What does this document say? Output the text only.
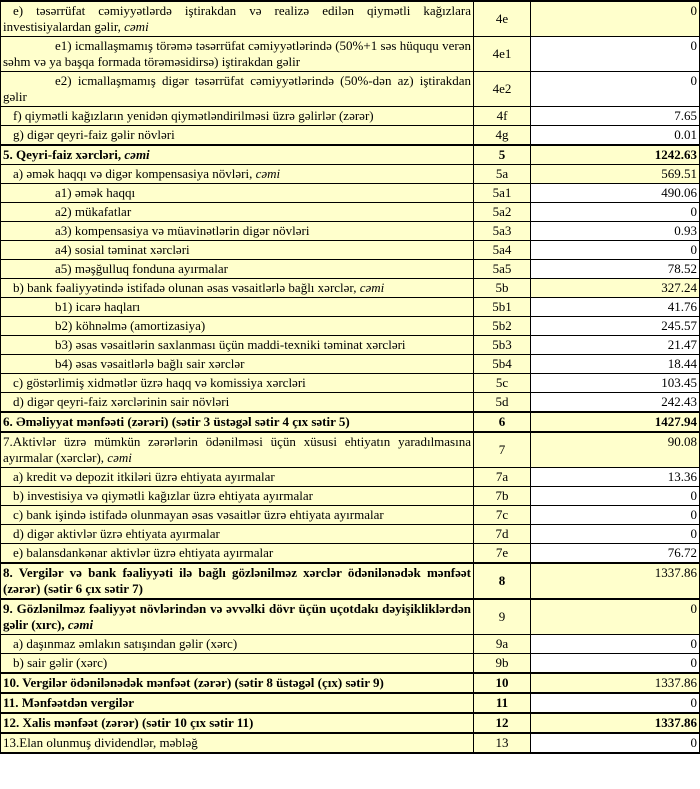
e) təsərrüfat cəmiyyətlərdə iştirakdan və realizə edilən qiymətli kağızlara investisiyalardan gəlir, cəmi	4e	0
e1) icmallaşmamış törəmə təsərrüfat cəmiyyətlərində (50%+1 səs hüququ verən səhm və ya başqa formada törəməsidirsə) iştirakdan gəlir	4e1	0
e2) icmallaşmamış digər təsərrüfat cəmiyyətlərində (50%-dən az) iştirakdan gəlir	4e2	0
f) qiymətli kağızların yenidən qiymətləndirilməsi üzrə gəlirlər (zərər)	4f	7.65
g) digər qeyri-faiz gəlir növləri	4g	0.01
5. Qeyri-faiz xərcləri, cəmi	5	1242.63
a) əmək haqqı və digər kompensasiya növləri, cəmi	5a	569.51
a1) əmək haqqı	5a1	490.06
a2) mükafatlar	5a2	0
a3) kompensasiya və müavinətlərin digər növləri	5a3	0.93
a4) sosial təminat xərcləri	5a4	0
a5) məşğulluq fonduna ayırmalar	5a5	78.52
b) bank fəaliyyətində istifadə olunan əsas vəsaitlərlə bağlı xərclər, cəmi	5b	327.24
b1) icarə haqları	5b1	41.76
b2) köhnəlmə (amortizasiya)	5b2	245.57
b3) əsas vəsaitlərin saxlanması üçün maddi-texniki təminat xərcləri	5b3	21.47
b4) əsas vəsaitlərlə bağlı sair xərclər	5b4	18.44
c) göstərlimiş xidmətlər üzrə haqq və komissiya xərcləri	5c	103.45
d) digər qeyri-faiz xərclərinin sair növləri	5d	242.43
6. Əməliyyat mənfəəti (zərəri) (sətir 3 üstəgəl sətir 4 çıx sətir 5)	6	1427.94
7.Aktivlər üzrə mümkün zərərlərin ödənilməsi üçün xüsusi ehtiyatın yaradılmasına ayırmalar (xərclər), cəmi	7	90.08
a) kredit və depozit itkiləri üzrə ehtiyata ayırmalar	7a	13.36
b) investisiya və qiymətli kağızlar üzrə ehtiyata ayırmalar	7b	0
c) bank işində istifadə olunmayan əsas vəsaitlər üzrə ehtiyata ayırmalar	7c	0
d) digər aktivlər üzrə ehtiyata ayırmalar	7d	0
e) balansdankənar aktivlər üzrə ehtiyata ayırmalar	7e	76.72
8. Vergilər və bank fəaliyyəti ilə bağlı gözlənilməz xərclər ödənilənədək mənfəət (zərər) (sətir 6 çıx sətir 7)	8	1337.86
9. Gözlənilməz fəaliyyət növlərindən və əvvəlki dövr üçün uçotdakı dəyişikliklərdən gəlir (xırc), cəmi	9	0
a) daşınmaz əmlakın satışından gəlir (xərc)	9a	0
b) sair gəlir (xərc)	9b	0
10. Vergilər ödənilənədək mənfəət (zərər) (sətir 8 üstəgəl (çıx) sətir 9)	10	1337.86
11. Mənfəətdən vergilər	11	0
12. Xalis mənfəət (zərər) (sətir 10 çıx sətir 11)	12	1337.86
13.Elan olunmuş dividendlər, məbləğ	13	0
